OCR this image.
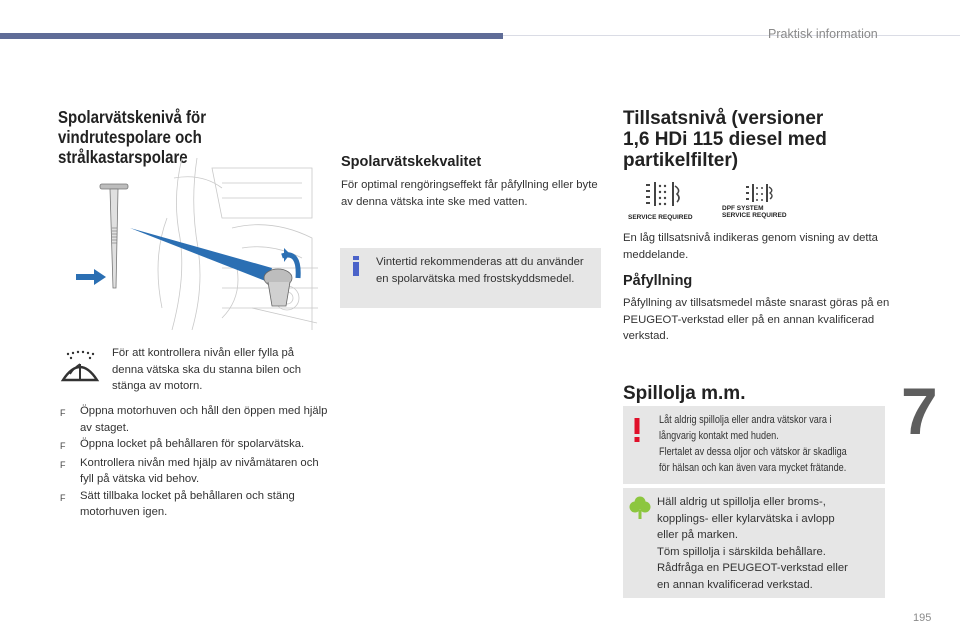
Praktisk information
7
195
Spolarvätskenivå för vindrutespolare och strålkastarspolare
För att kontrollera nivån eller fylla på denna vätska ska du stanna bilen och stänga av motorn.
F	Öppna motorhuven och håll den öppen med hjälp av staget.
F	Öppna locket på behållaren för spolarvätska.
F	Kontrollera nivån med hjälp av nivåmätaren och fyll på vätska vid behov.
F	Sätt tillbaka locket på behållaren och stäng motorhuven igen.
Spolarvätskekvalitet
För optimal rengöringseffekt får påfyllning eller byte av denna vätska inte ske med vatten.
Vintertid rekommenderas att du använder en spolarvätska med frostskyddsmedel.
Tillsatsnivå (versioner 1,6 HDi 115 diesel med partikelfilter)
SERVICE REQUIRED
DPF SYSTEM
SERVICE REQUIRED
En låg tillsatsnivå indikeras genom visning av detta meddelande.
Påfyllning
Påfyllning av tillsatsmedel måste snarast göras på en PEUGEOT-verkstad eller på en annan kvalificerad verkstad.
Spillolja m.m.
Låt aldrig spillolja eller andra vätskor vara i
långvarig kontakt med huden.
Flertalet av dessa oljor och vätskor är skadliga
för hälsan och kan även vara mycket frätande.
Häll aldrig ut spillolja eller broms-,
kopplings- eller kylarvätska i avlopp
eller på marken.
Töm spillolja i särskilda behållare.
Rådfråga en PEUGEOT-verkstad eller
en annan kvalificerad verkstad.
